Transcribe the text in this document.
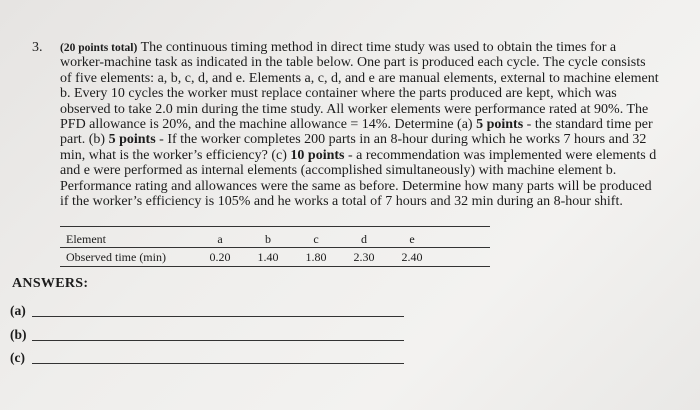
3. (20 points total) The continuous timing method in direct time study was used to obtain the times for a
worker-machine task as indicated in the table below. One part is produced each cycle. The cycle consists
of five elements: a, b, c, d, and e. Elements a, c, d, and e are manual elements, external to machine element
b. Every 10 cycles the worker must replace container where the parts produced are kept, which was
observed to take 2.0 min during the time study. All worker elements were performance rated at 90%. The
PFD allowance is 20%, and the machine allowance = 14%. Determine (a) 5 points - the standard time per
part. (b) 5 points - If the worker completes 200 parts in an 8-hour during which he works 7 hours and 32
min, what is the worker’s efficiency? (c) 10 points - a recommendation was implemented were elements d
and e were performed as internal elements (accomplished simultaneously) with machine element b.
Performance rating and allowances were the same as before. Determine how many parts will be produced
if the worker’s efficiency is 105% and he works a total of 7 hours and 32 min during an 8-hour shift.
Element	a	b	c	d	e
Observed time (min)	0.20	1.40	1.80	2.30	2.40
ANSWERS:
(a)
(b)
(c)
